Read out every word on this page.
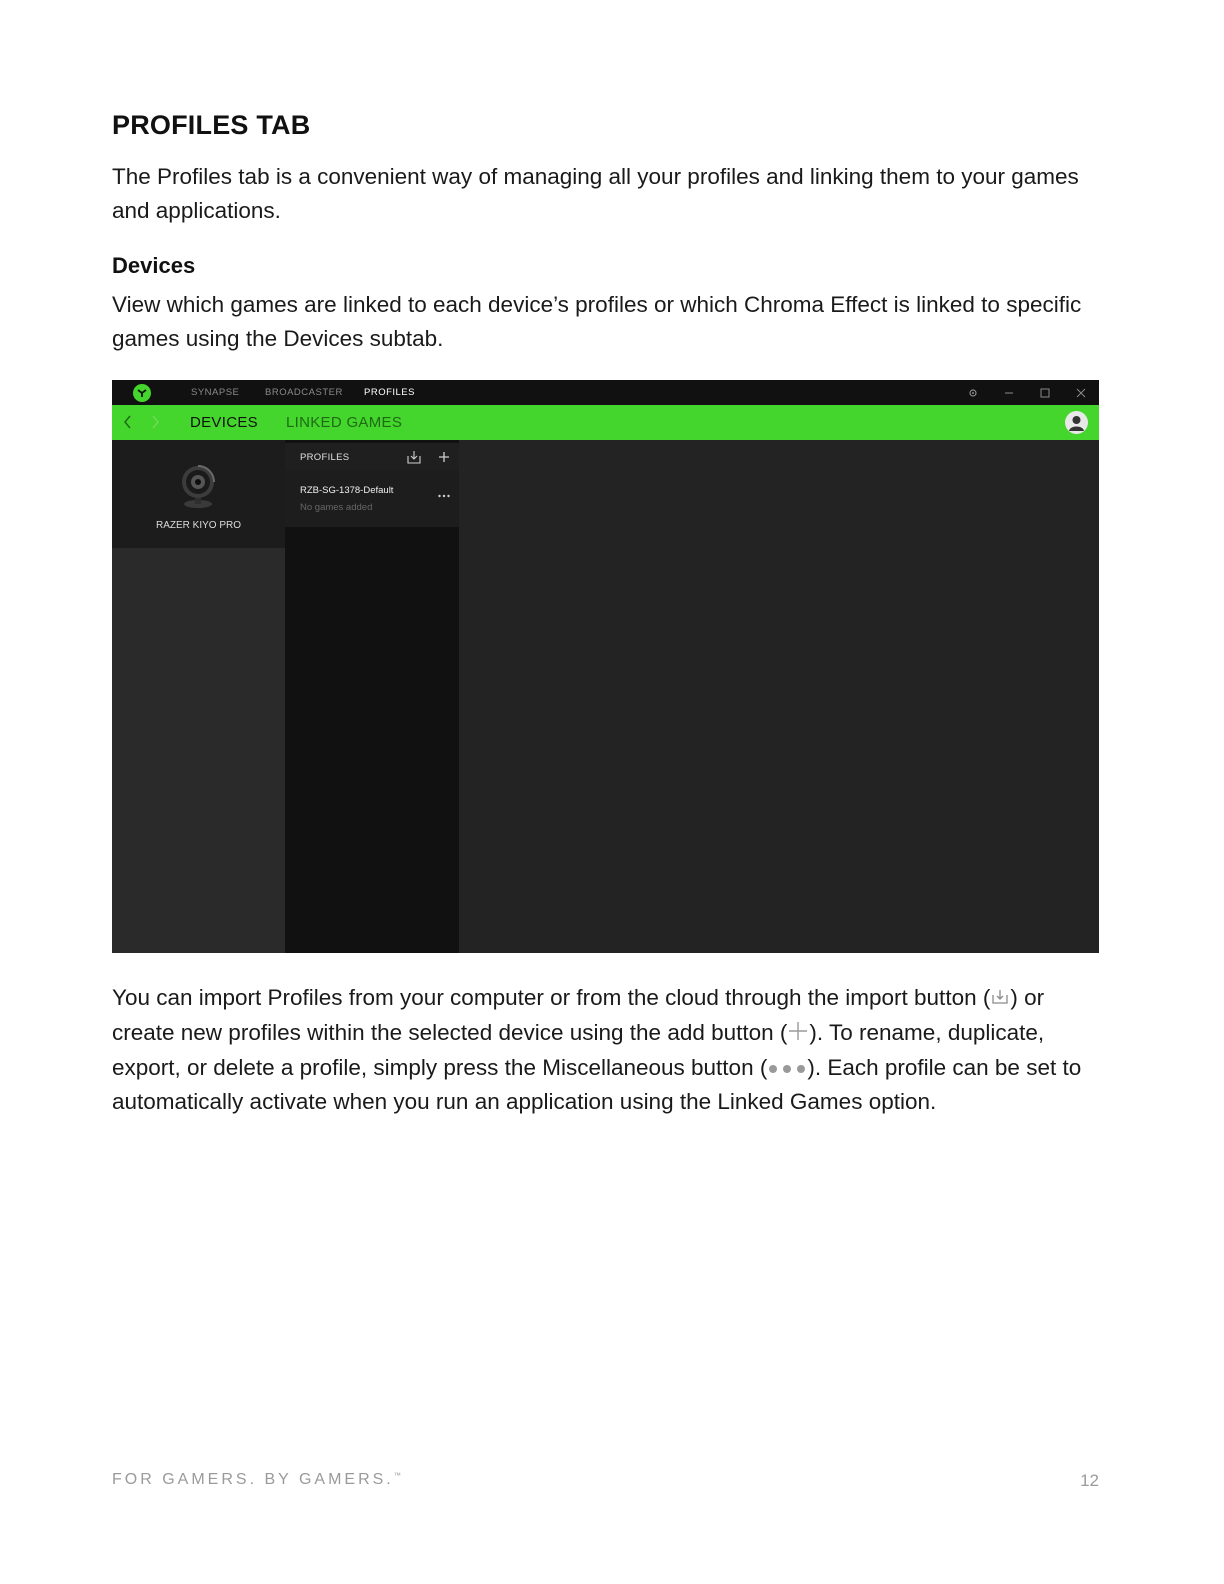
PROFILES TAB

The Profiles tab is a convenient way of managing all your profiles and linking them to your games and applications.

Devices

View which games are linked to each device’s profiles or which Chroma Effect is linked to specific games using the Devices subtab.

SYNAPSE	BROADCASTER PROFILES
DEVICES LINKED GAMES
RAZER KIYO PRO
PROFILES
RZB-SG-1378-Default
No games added

You can import Profiles from your computer or from the cloud through the import button ( ) or create new profiles within the selected device using the add button ( ). To rename, duplicate, export, or delete a profile, simply press the Miscellaneous button ( ). Each profile can be set to automatically activate when you run an application using the Linked Games option.

FOR GAMERS. BY GAMERS.™	12
